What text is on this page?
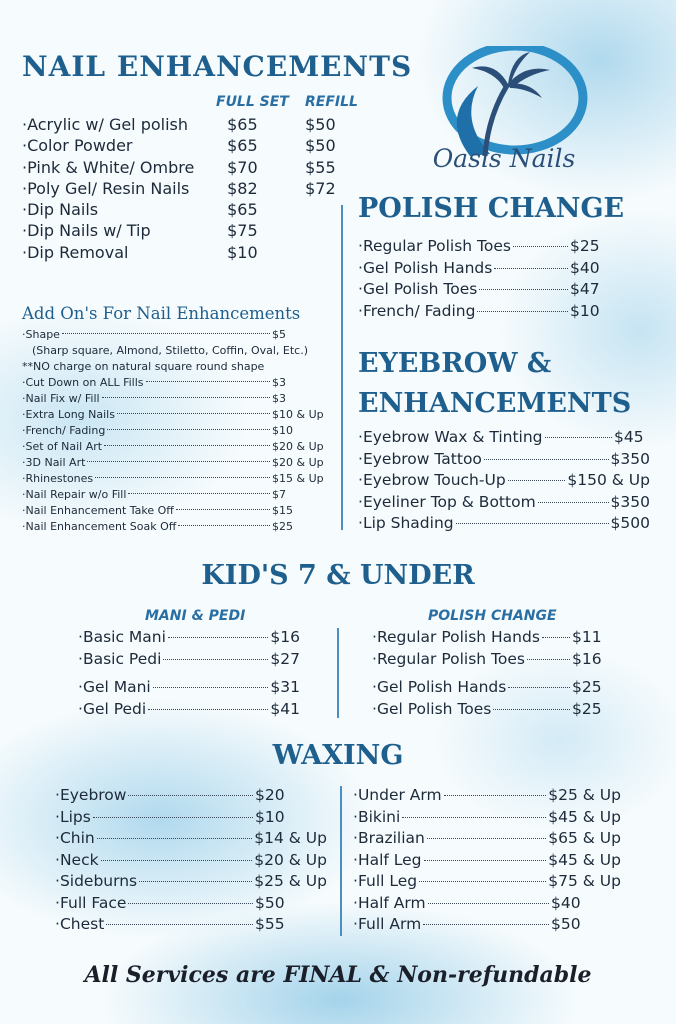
NAIL ENHANCEMENTS
FULL SET REFILL
· Acrylic w/ Gel polish	$65	$50
· Color Powder	$65	$50
· Pink & White/ Ombre	$70	$55
· Poly Gel/ Resin Nails	$82	$72
· Dip Nails	$65
· Dip Nails w/ Tip	$75
· Dip Removal	$10
Oasis Nails
POLISH CHANGE
· Regular Polish Toes	$25
· Gel Polish Hands	$40
· Gel Polish Toes	$47
· French/ Fading	$10
Add On's For Nail Enhancements
· Shape	$5
(Sharp square, Almond, Stiletto, Coffin, Oval, Etc.)
**NO charge on natural square round shape
· Cut Down on ALL Fills	$3
· Nail Fix w/ Fill	$3
· Extra Long Nails	$10 & Up
· French/ Fading	$10
· Set of Nail Art	$20 & Up
· 3D Nail Art	$20 & Up
· Rhinestones	$15 & Up
· Nail Repair w/o Fill	$7
· Nail Enhancement Take Off	$15
· Nail Enhancement Soak Off	$25
EYEBROW &
ENHANCEMENTS
· Eyebrow Wax & Tinting	$45
· Eyebrow Tattoo	$350
· Eyebrow Touch-Up	$150 & Up
· Eyeliner Top & Bottom	$350
· Lip Shading	$500
KID'S 7 & UNDER
MANI & PEDI	POLISH CHANGE
· Basic Mani	$16
· Basic Pedi	$27
· Gel Mani	$31
· Gel Pedi	$41
· Regular Polish Hands $11
· Regular Polish Toes	$16
· Gel Polish Hands	$25
· Gel Polish Toes	$25
WAXING
· Eyebrow	$20
· Lips	$10
· Chin	$14 & Up
· Neck	$20 & Up
· Sideburns	$25 & Up
· Full Face	$50
· Chest	$55
· Under Arm	$25 & Up
· Bikini	$45 & Up
· Brazilian	$65 & Up
· Half Leg	$45 & Up
· Full Leg	$75 & Up
· Half Arm	$40
· Full Arm	$50
All Services are FINAL & Non-refundable
